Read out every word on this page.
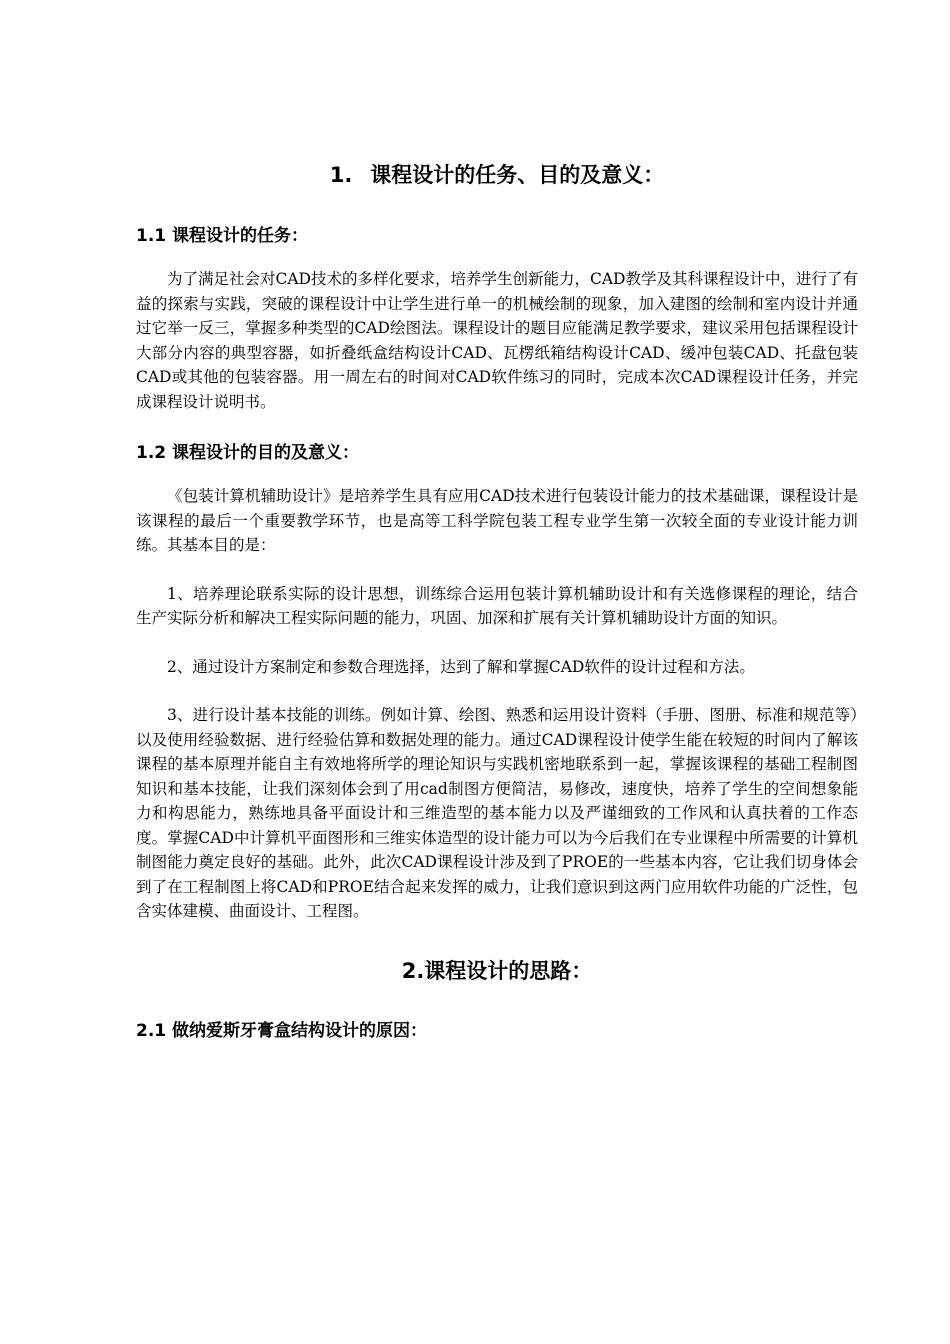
1. 课程设计的任务、目的及意义：
1.1 课程设计的任务：

为了满足社会对CAD技术的多样化要求，培养学生创新能力，CAD教学及其科课程设计中，进行了有益的探索与实践，突破的课程设计中让学生进行单一的机械绘制的现象，加入建图的绘制和室内设计并通过它举一反三，掌握多种类型的CAD绘图法。课程设计的题目应能满足教学要求，建议采用包括课程设计大部分内容的典型容器，如折叠纸盒结构设计CAD、瓦楞纸箱结构设计CAD、缓冲包装CAD、托盘包装CAD或其他的包装容器。用一周左右的时间对CAD软件练习的同时，完成本次CAD课程设计任务，并完成课程设计说明书。

1.2 课程设计的目的及意义：

《包装计算机辅助设计》是培养学生具有应用CAD技术进行包装设计能力的技术基础课，课程设计是该课程的最后一个重要教学环节，也是高等工科学院包装工程专业学生第一次较全面的专业设计能力训练。其基本目的是：

1、培养理论联系实际的设计思想，训练综合运用包装计算机辅助设计和有关选修课程的理论，结合生产实际分析和解决工程实际问题的能力，巩固、加深和扩展有关计算机辅助设计方面的知识。

2、通过设计方案制定和参数合理选择，达到了解和掌握CAD软件的设计过程和方法。

3、进行设计基本技能的训练。例如计算、绘图、熟悉和运用设计资料（手册、图册、标准和规范等）以及使用经验数据、进行经验估算和数据处理的能力。通过CAD课程设计使学生能在较短的时间内了解该课程的基本原理并能自主有效地将所学的理论知识与实践机密地联系到一起，掌握该课程的基础工程制图知识和基本技能，让我们深刻体会到了用cad制图方便简洁，易修改，速度快，培养了学生的空间想象能力和构思能力，熟练地具备平面设计和三维造型的基本能力以及严谨细致的工作风和认真扶着的工作态度。掌握CAD中计算机平面图形和三维实体造型的设计能力可以为今后我们在专业课程中所需要的计算机制图能力奠定良好的基础。此外，此次CAD课程设计涉及到了PROE的一些基本内容，它让我们切身体会到了在工程制图上将CAD和PROE结合起来发挥的威力，让我们意识到这两门应用软件功能的广泛性，包含实体建模、曲面设计、工程图。

2.课程设计的思路：
2.1 做纳爱斯牙膏盒结构设计的原因：
